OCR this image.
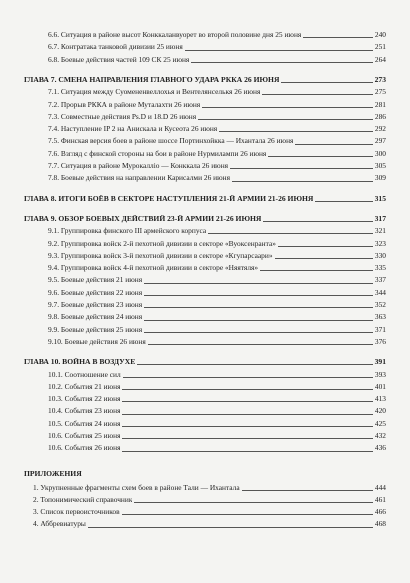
6.6. Ситуация в районе высот Конккаланвуорет во второй половине дня 25 июня	240
6.7. Контратака танковой дивизии 25 июня	251
6.8. Боевые действия частей 109 СК 25 июня	264
ГЛАВА 7. СМЕНА НАПРАВЛЕНИЯ ГЛАВНОГО УДАРА РККА 26 ИЮНЯ	273
7.1. Ситуация между Суомененвеллохья и Вентелянселькя 26 июня	275
7.2. Прорыв РККА в районе Муталахти 26 июня	281
7.3. Совместные действия Ps.D и 18.D 26 июня	286
7.4. Наступление IP 2 на Анискала и Кусеота 26 июня	292
7.5. Финская версия боев в районе шоссе Портинхойкка — Ихантала 26 июня	297
7.6. Взгляд с финской стороны на бои в районе Нурмилампи 26 июня	300
7.7. Ситуация в районе Мурокалліо — Конккала 26 июня	305
7.8. Боевые действия на направлении Карисалми 26 июня	309
ГЛАВА 8. ИТОГИ БОЁВ В СЕКТОРЕ НАСТУПЛЕНИЯ 21-Й АРМИИ 21-26 ИЮНЯ	315
ГЛАВА 9. ОБЗОР БОЕВЫХ ДЕЙСТВИЙ 23-Й АРМИИ 21-26 ИЮНЯ	317
9.1. Группировка финского III армейского корпуса	321
9.2. Группировка войск 2-й пехотной дивизии в секторе «Вуоксенранта»	323
9.3. Группировка войск 3-й пехотной дивизии в секторе «Кгупарсаари»	330
9.4. Группировка войск 4-й пехотной дивизии в секторе «Няятяля»	335
9.5. Боевые действия 21 июня	337
9.6. Боевые действия 22 июня	344
9.7. Боевые действия 23 июня	352
9.8. Боевые действия 24 июня	363
9.9. Боевые действия 25 июня	371
9.10. Боевые действия 26 июня	376
ГЛАВА 10. ВОЙНА В ВОЗДУХЕ	391
10.1. Соотношение сил	393
10.2. События 21 июня	401
10.3. События 22 июня	413
10.4. События 23 июня	420
10.5. События 24 июня	425
10.6. События 25 июня	432
10.6. События 26 июня	436
ПРИЛОЖЕНИЯ
1. Укрупненные фрагменты схем боев в районе Тали — Ихантала	444
2. Топонимический справочник	461
3. Список первоисточников	466
4. Аббревиатуры	468
